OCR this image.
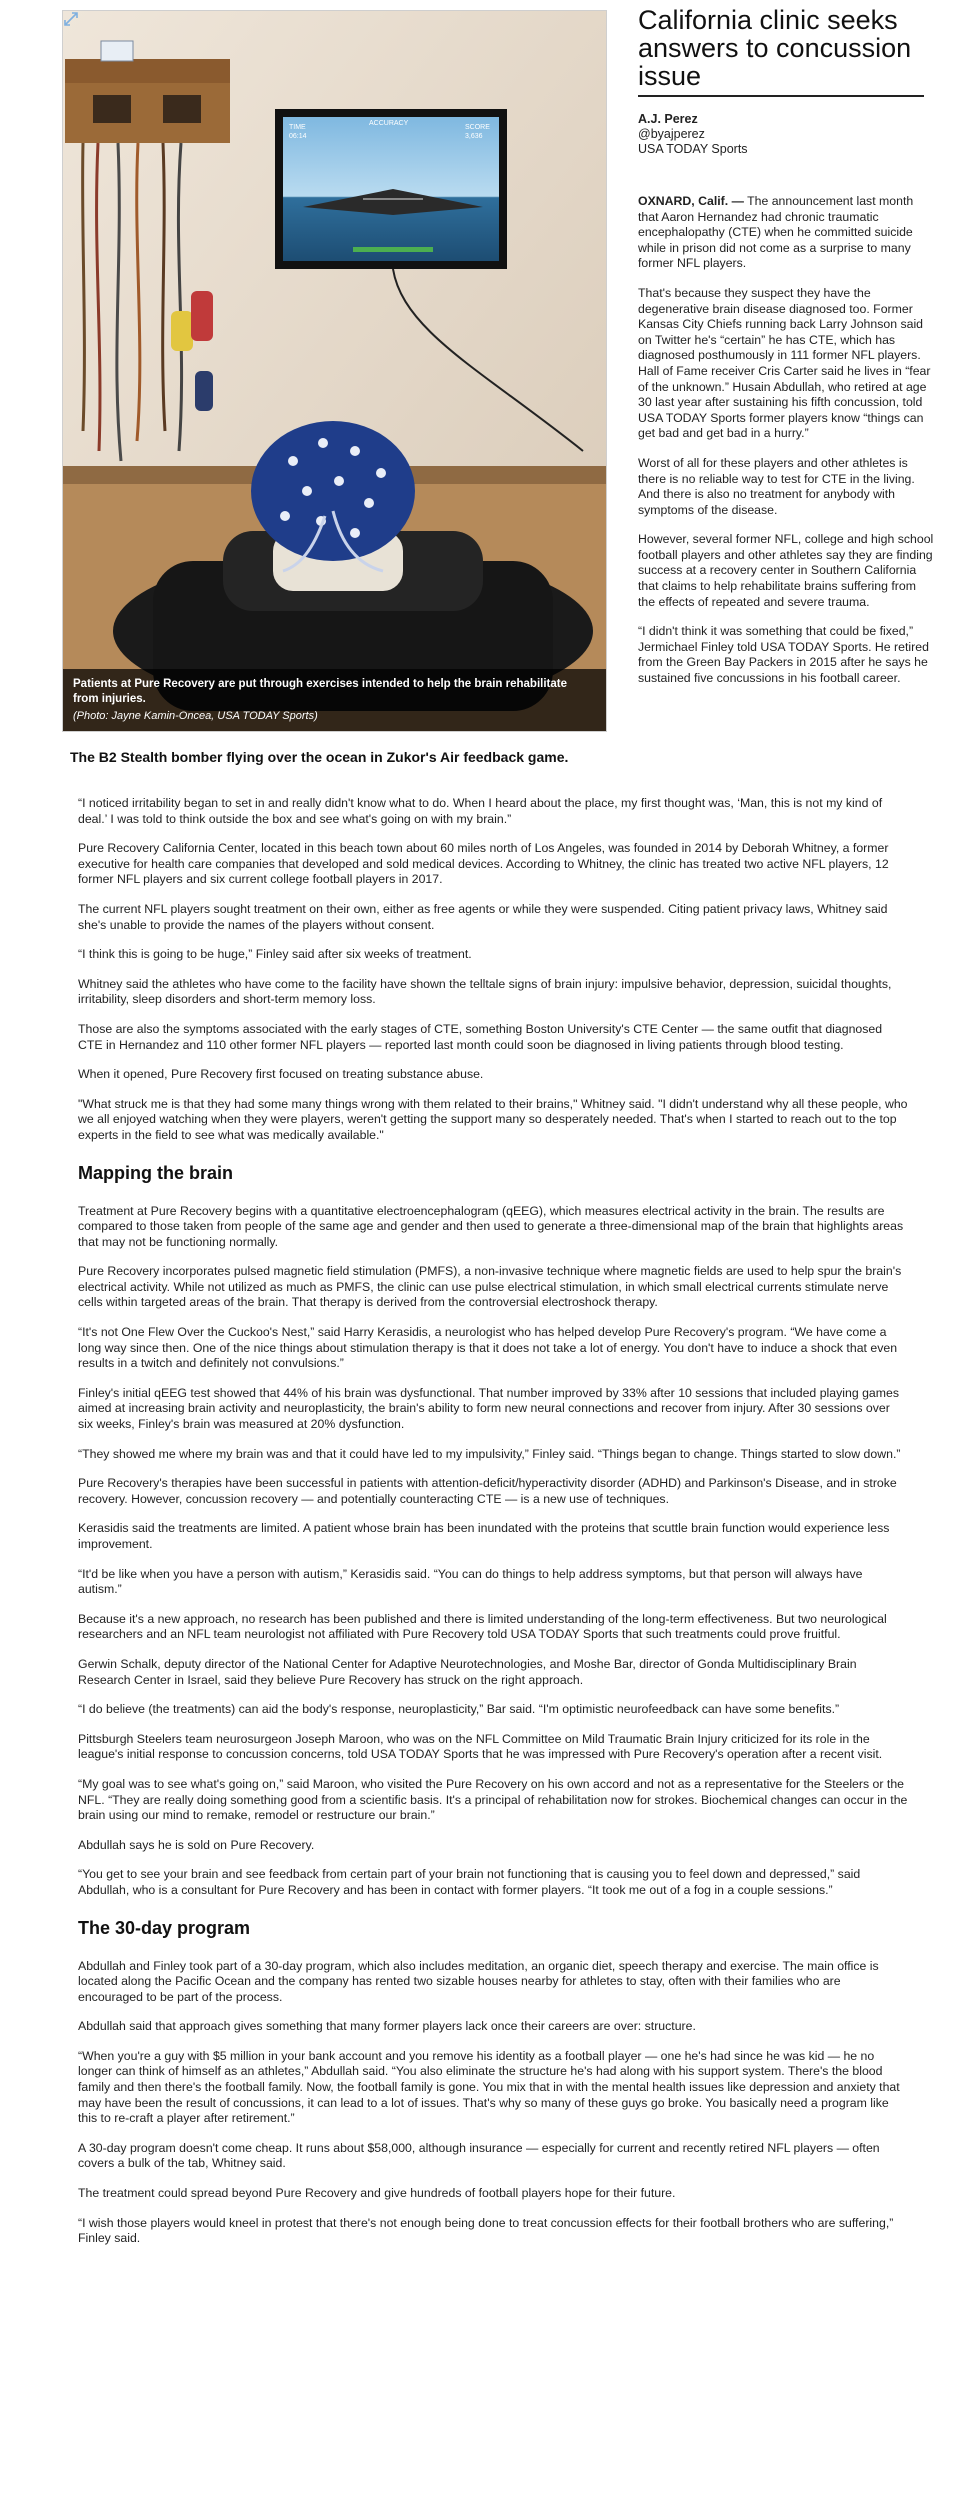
TIME
06:14
ACCURACY
SCORE
3,636
Patients at Pure Recovery are put through exercises intended to help the brain rehabilitate from injuries.
(Photo: Jayne Kamin-Oncea, USA TODAY Sports)
The B2 Stealth bomber flying over the ocean in Zukor's Air feedback game.
California clinic seeks answers to concussion issue
A.J. Perez
@byajperez
USA TODAY Sports

OXNARD, Calif. — The announcement last month that Aaron Hernandez had chronic traumatic encephalopathy (CTE) when he committed suicide while in prison did not come as a surprise to many former NFL players.

That's because they suspect they have the degenerative brain disease diagnosed too. Former Kansas City Chiefs running back Larry Johnson said on Twitter he's “certain” he has CTE, which has diagnosed posthumously in 111 former NFL players. Hall of Fame receiver Cris Carter said he lives in “fear of the unknown.” Husain Abdullah, who retired at age 30 last year after sustaining his fifth concussion, told USA TODAY Sports former players know “things can get bad and get bad in a hurry.”

Worst of all for these players and other athletes is there is no reliable way to test for CTE in the living. And there is also no treatment for anybody with symptoms of the disease.

However, several former NFL, college and high school football players and other athletes say they are finding success at a recovery center in Southern California that claims to help rehabilitate brains suffering from the effects of repeated and severe trauma.

“I didn't think it was something that could be fixed,” Jermichael Finley told USA TODAY Sports. He retired from the Green Bay Packers in 2015 after he says he sustained five concussions in his football career.

“I noticed irritability began to set in and really didn't know what to do. When I heard about the place, my first thought was, ‘Man, this is not my kind of deal.’ I was told to think outside the box and see what's going on with my brain.”

Pure Recovery California Center, located in this beach town about 60 miles north of Los Angeles, was founded in 2014 by Deborah Whitney, a former executive for health care companies that developed and sold medical devices. According to Whitney, the clinic has treated two active NFL players, 12 former NFL players and six current college football players in 2017.

The current NFL players sought treatment on their own, either as free agents or while they were suspended. Citing patient privacy laws, Whitney said she's unable to provide the names of the players without consent.

“I think this is going to be huge,” Finley said after six weeks of treatment.

Whitney said the athletes who have come to the facility have shown the telltale signs of brain injury: impulsive behavior, depression, suicidal thoughts, irritability, sleep disorders and short-term memory loss.

Those are also the symptoms associated with the early stages of CTE, something Boston University's CTE Center — the same outfit that diagnosed CTE in Hernandez and 110 other former NFL players — reported last month could soon be diagnosed in living patients through blood testing.

When it opened, Pure Recovery first focused on treating substance abuse.

"What struck me is that they had some many things wrong with them related to their brains," Whitney said. "I didn't understand why all these people, who we all enjoyed watching when they were players, weren't getting the support many so desperately needed. That's when I started to reach out to the top experts in the field to see what was medically available."

Mapping the brain

Treatment at Pure Recovery begins with a quantitative electroencephalogram (qEEG), which measures electrical activity in the brain. The results are compared to those taken from people of the same age and gender and then used to generate a three-dimensional map of the brain that highlights areas that may not be functioning normally.

Pure Recovery incorporates pulsed magnetic field stimulation (PMFS), a non-invasive technique where magnetic fields are used to help spur the brain's electrical activity. While not utilized as much as PMFS, the clinic can use pulse electrical stimulation, in which small electrical currents stimulate nerve cells within targeted areas of the brain. That therapy is derived from the controversial electroshock therapy.

“It's not One Flew Over the Cuckoo's Nest,” said Harry Kerasidis, a neurologist who has helped develop Pure Recovery's program. “We have come a long way since then. One of the nice things about stimulation therapy is that it does not take a lot of energy. You don't have to induce a shock that even results in a twitch and definitely not convulsions.”

Finley's initial qEEG test showed that 44% of his brain was dysfunctional. That number improved by 33% after 10 sessions that included playing games aimed at increasing brain activity and neuroplasticity, the brain's ability to form new neural connections and recover from injury. After 30 sessions over six weeks, Finley's brain was measured at 20% dysfunction.

“They showed me where my brain was and that it could have led to my impulsivity,” Finley said. “Things began to change. Things started to slow down.”

Pure Recovery's therapies have been successful in patients with attention-deficit/hyperactivity disorder (ADHD) and Parkinson's Disease, and in stroke recovery. However, concussion recovery — and potentially counteracting CTE — is a new use of techniques.

Kerasidis said the treatments are limited. A patient whose brain has been inundated with the proteins that scuttle brain function would experience less improvement.

“It'd be like when you have a person with autism,” Kerasidis said. “You can do things to help address symptoms, but that person will always have autism.”

Because it's a new approach, no research has been published and there is limited understanding of the long-term effectiveness. But two neurological researchers and an NFL team neurologist not affiliated with Pure Recovery told USA TODAY Sports that such treatments could prove fruitful.

Gerwin Schalk, deputy director of the National Center for Adaptive Neurotechnologies, and Moshe Bar, director of Gonda Multidisciplinary Brain Research Center in Israel, said they believe Pure Recovery has struck on the right approach.

“I do believe (the treatments) can aid the body's response, neuroplasticity,” Bar said. “I'm optimistic neurofeedback can have some benefits.”

Pittsburgh Steelers team neurosurgeon Joseph Maroon, who was on the NFL Committee on Mild Traumatic Brain Injury criticized for its role in the league's initial response to concussion concerns, told USA TODAY Sports that he was impressed with Pure Recovery's operation after a recent visit.

“My goal was to see what's going on,” said Maroon, who visited the Pure Recovery on his own accord and not as a representative for the Steelers or the NFL. “They are really doing something good from a scientific basis. It's a principal of rehabilitation now for strokes. Biochemical changes can occur in the brain using our mind to remake, remodel or restructure our brain.”

Abdullah says he is sold on Pure Recovery.

“You get to see your brain and see feedback from certain part of your brain not functioning that is causing you to feel down and depressed,” said Abdullah, who is a consultant for Pure Recovery and has been in contact with former players. “It took me out of a fog in a couple sessions.”

The 30-day program

Abdullah and Finley took part of a 30-day program, which also includes meditation, an organic diet, speech therapy and exercise. The main office is located along the Pacific Ocean and the company has rented two sizable houses nearby for athletes to stay, often with their families who are encouraged to be part of the process.

Abdullah said that approach gives something that many former players lack once their careers are over: structure.

“When you're a guy with $5 million in your bank account and you remove his identity as a football player — one he's had since he was kid — he no longer can think of himself as an athletes,” Abdullah said. “You also eliminate the structure he's had along with his support system. There's the blood family and then there's the football family. Now, the football family is gone. You mix that in with the mental health issues like depression and anxiety that may have been the result of concussions, it can lead to a lot of issues. That's why so many of these guys go broke. You basically need a program like this to re-craft a player after retirement.”

A 30-day program doesn't come cheap. It runs about $58,000, although insurance — especially for current and recently retired NFL players — often covers a bulk of the tab, Whitney said.

The treatment could spread beyond Pure Recovery and give hundreds of football players hope for their future.

“I wish those players would kneel in protest that there's not enough being done to treat concussion effects for their football brothers who are suffering,” Finley said.
